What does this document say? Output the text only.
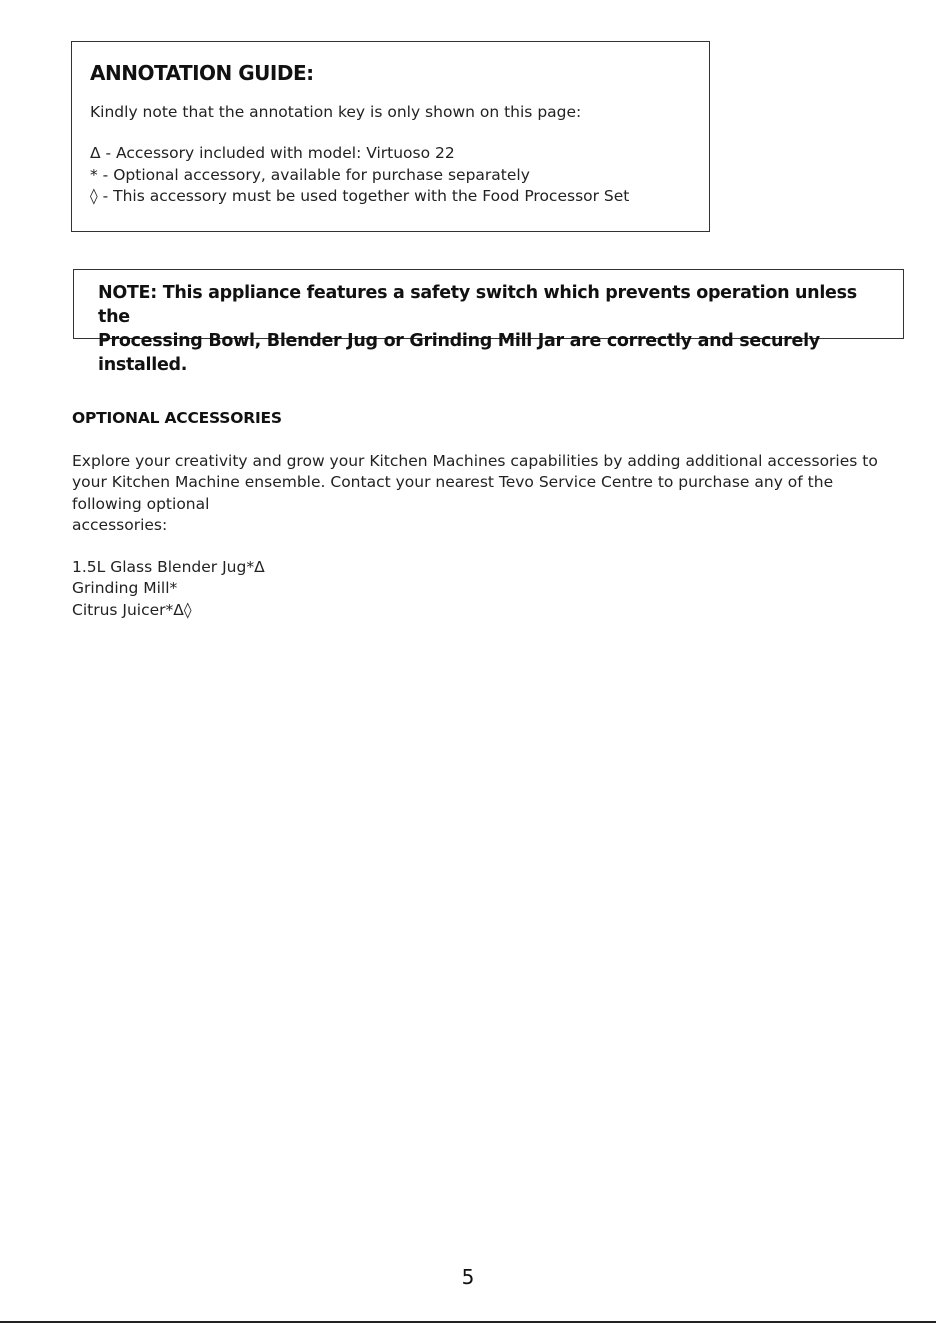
ANNOTATION GUIDE:
Kindly note that the annotation key is only shown on this page:
Δ - Accessory included with model: Virtuoso 22
* - Optional accessory, available for purchase separately
◊ - This accessory must be used together with the Food Processor Set
NOTE: This appliance features a safety switch which prevents operation unless the
Processing Bowl, Blender Jug or Grinding Mill Jar are correctly and securely installed.
OPTIONAL ACCESSORIES
Explore your creativity and grow your Kitchen Machines capabilities by adding additional accessories to
your Kitchen Machine ensemble. Contact your nearest Tevo Service Centre to purchase any of the
following optional
accessories:
1.5L Glass Blender Jug*Δ
Grinding Mill*
Citrus Juicer*Δ◊
5
